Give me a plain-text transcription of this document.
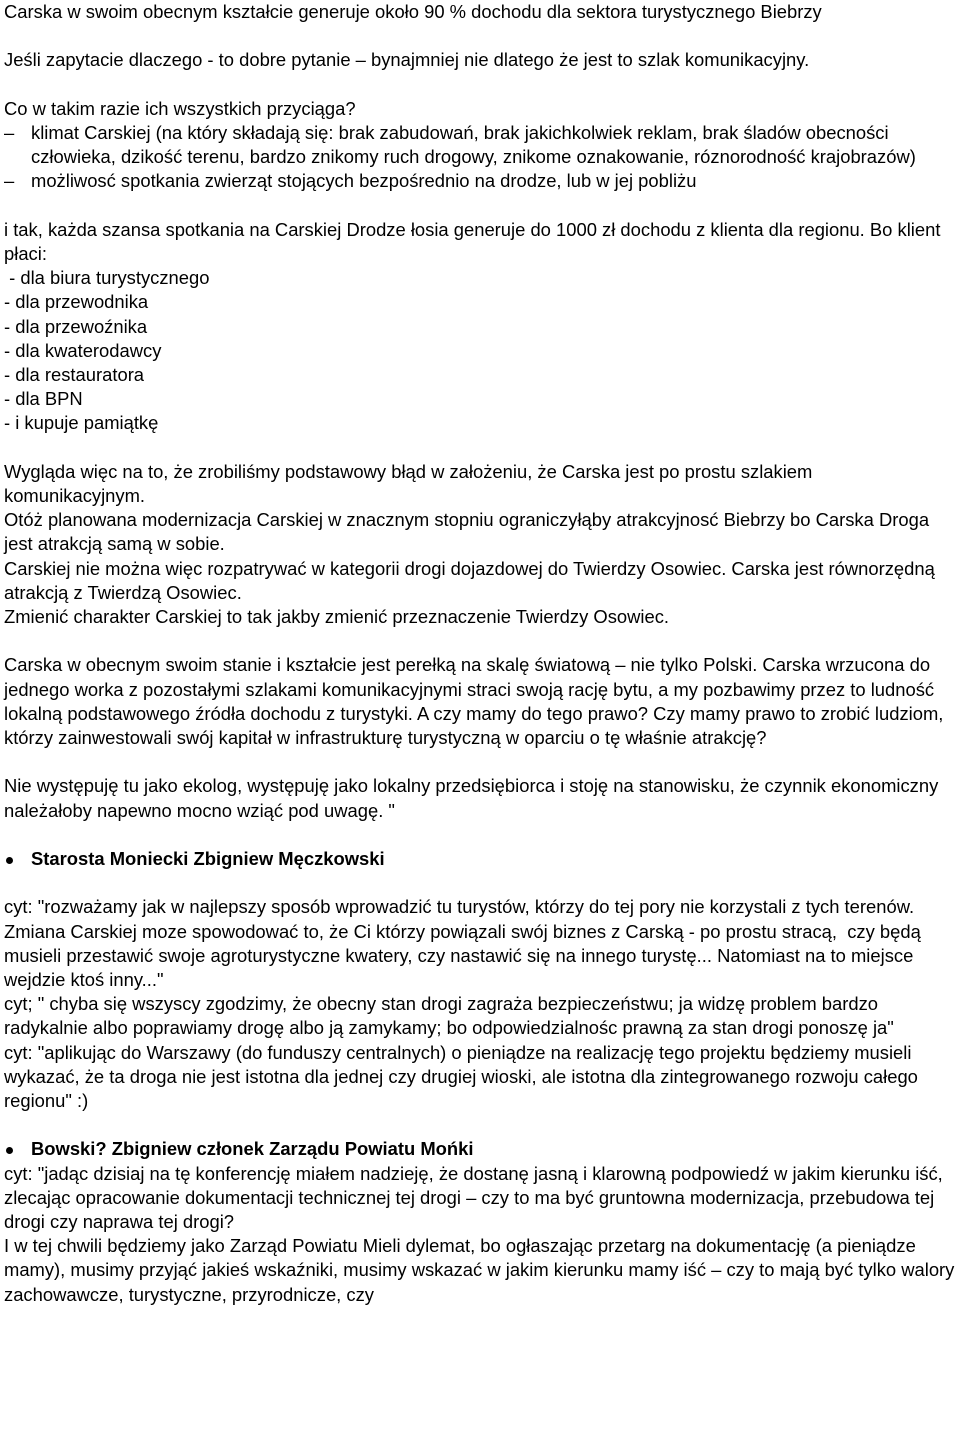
Carska w swoim obecnym kształcie generuje około 90 % dochodu dla sektora turystycznego Biebrzy

Jeśli zapytacie dlaczego - to dobre pytanie – bynajmniej nie dlatego że jest to szlak komunikacyjny.

Co w takim razie ich wszystkich przyciąga?

– klimat Carskiej (na który składają się: brak zabudowań, brak jakichkolwiek reklam, brak śladów obecności człowieka, dzikość terenu, bardzo znikomy ruch drogowy, znikome oznakowanie, róznorodność krajobrazów)
– możliwosć spotkania zwierząt stojących bezpośrednio na drodze, lub w jej pobliżu

i tak, każda szansa spotkania na Carskiej Drodze łosia generuje do 1000 zł dochodu z klienta dla regionu. Bo klient płaci:

- dla biura turystycznego

- dla przewodnika

- dla przewoźnika

- dla kwaterodawcy

- dla restauratora

- dla BPN

- i kupuje pamiątkę

Wygląda więc na to, że zrobiliśmy podstawowy błąd w założeniu, że Carska jest po prostu szlakiem komunikacyjnym.

Otóż planowana modernizacja Carskiej w znacznym stopniu ograniczyłąby atrakcyjnosć Biebrzy bo Carska Droga jest atrakcją samą w sobie.

Carskiej nie można więc rozpatrywać w kategorii drogi dojazdowej do Twierdzy Osowiec. Carska jest równorzędną atrakcją z Twierdzą Osowiec.

Zmienić charakter Carskiej to tak jakby zmienić przeznaczenie Twierdzy Osowiec.

Carska w obecnym swoim stanie i kształcie jest perełką na skalę światową – nie tylko Polski. Carska wrzucona do jednego worka z pozostałymi szlakami komunikacyjnymi straci swoją rację bytu, a my pozbawimy przez to ludność lokalną podstawowego źródła dochodu z turystyki. A czy mamy do tego prawo? Czy mamy prawo to zrobić ludziom, którzy zainwestowali swój kapitał w infrastrukturę turystyczną w oparciu o tę właśnie atrakcję?

Nie występuję tu jako ekolog, występuję jako lokalny przedsiębiorca i stoję na stanowisku, że czynnik ekonomiczny należałoby napewno mocno wziąć pod uwagę. "

Starosta Moniecki Zbigniew Męczkowski

cyt: "rozważamy jak w najlepszy sposób wprowadzić tu turystów, którzy do tej pory nie korzystali z tych terenów. Zmiana Carskiej moze spowodować to, że Ci którzy powiązali swój biznes z Carską - po prostu stracą,  czy będą musieli przestawić swoje agroturystyczne kwatery, czy nastawić się na innego turystę... Natomiast na to miejsce wejdzie ktoś inny..."

cyt; " chyba się wszyscy zgodzimy, że obecny stan drogi zagraża bezpieczeństwu; ja widzę problem bardzo radykalnie albo poprawiamy drogę albo ją zamykamy; bo odpowiedzialnośc prawną za stan drogi ponoszę ja"

cyt: "aplikując do Warszawy (do funduszy centralnych) o pieniądze na realizację tego projektu będziemy musieli wykazać, że ta droga nie jest istotna dla jednej czy drugiej wioski, ale istotna dla zintegrowanego rozwoju całego regionu" :)

Bowski? Zbigniew członek Zarządu Powiatu Mońki

cyt: "jadąc dzisiaj na tę konferencję miałem nadzieję, że dostanę jasną i klarowną podpowiedź w jakim kierunku iść,  zlecając opracowanie dokumentacji technicznej tej drogi – czy to ma być gruntowna modernizacja, przebudowa tej drogi czy naprawa tej drogi?

I w tej chwili będziemy jako Zarząd Powiatu Mieli dylemat, bo ogłaszając przetarg na dokumentację (a pieniądze mamy), musimy przyjąć jakieś wskaźniki, musimy wskazać w jakim kierunku mamy iść – czy to mają być tylko walory zachowawcze, turystyczne, przyrodnicze, czy
